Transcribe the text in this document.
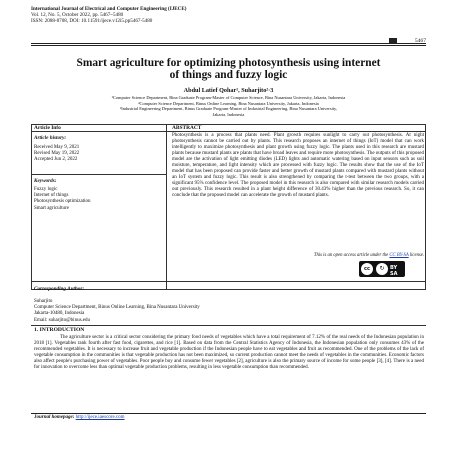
International Journal of Electrical and Computer Engineering (IJECE)
Vol. 12, No. 5, October 2022, pp. 5467~5480
ISSN: 2088-8708, DOI: 10.11591/ijece.v12i5.pp5467-5480
5467
Smart agriculture for optimizing photosynthesis using internet
of things and fuzzy logic
Abdul Latief Qohar¹, Suharjito²·3
¹Computer Science Department, Bina Graduate Program-Master of Computer Science, Bina Nusantara University, Jakarta, Indonesia
²Computer Science Department, Binus Online Learning, Bina Nusantara University, Jakarta, Indonesia
³Industrial Engineering Department, Binus Graduate Program-Master of Industrial Engineering, Bina Nusantara University,
Jakarta, Indonesia
Article Info	ABSTRACT
Article history:
Received May 9, 2021
Revised May 19, 2022
Accepted Jun 2, 2022
Keywords:
Fuzzy logic
Internet of things
Photosynthesis optimization
Smart agriculture
Photosynthesis is a process that plants need. Plant growth requires sunlight to carry out photosynthesis. At night photosynthesis cannot be carried out by plants. This research proposes an internet of things (IoT) model that can work intelligently to maximize photosynthesis and plant growth using fuzzy logic. The plants used in this research are mustard plants because mustard plants are plants that have broad leaves and require more photosynthesis. The outputs of this proposed model are the activation of light emitting diodes (LED) lights and automatic watering based on input sensors such as soil moisture, temperature, and light intensity which are processed with fuzzy logic. The results show that the use of the IoT model that has been proposed can provide faster and better growth of mustard plants compared with mustard plants without an IoT system and fuzzy logic. This result is also strengthened by comparing the t-test between the two groups, with a significant 95% confidence level. The proposed model in this research is also compared with similar research models carried out previously. This research resulted in a plant height difference of 30.43% higher than the previous research. So, it can conclude that the proposed model can accelerate the growth of mustard plants.
This is an open access article under the CC BY-SA license.
cc	↻	BY SA
Corresponding Author:
Suharjito
Computer Science Department, Binus Online Learning, Bina Nusantara University
Jakarta-10480, Indonesia
Email: suharjito@binus.edu
1. INTRODUCTION
The agriculture sector is a critical sector considering the primary food needs of vegetables which have a total requirement of 7.12% of the real needs of the Indonesian population in 2018 [1]. Vegetables rank fourth after fast food, cigarettes, and rice [1]. Based on data from the Central Statistics Agency of Indonesia, the Indonesian population only consumes 43% of the recommended vegetables. It is necessary to increase fruit and vegetable production if the Indonesian people have to eat vegetables and fruit as recommended. One of the problems of the lack of vegetable consumption in the communities is that vegetable production has not been maximized, so current production cannot meet the needs of vegetables in the communities. Economic factors also affect people's purchasing power of vegetables. Poor people buy and consume fewer vegetables [2], agriculture is also the primary source of income for some people [3], [4]. There is a need for innovation to overcome less than optimal vegetable production problems, resulting in less vegetable consumption than recommended.
Journal homepage: http://ijece.iaescore.com
